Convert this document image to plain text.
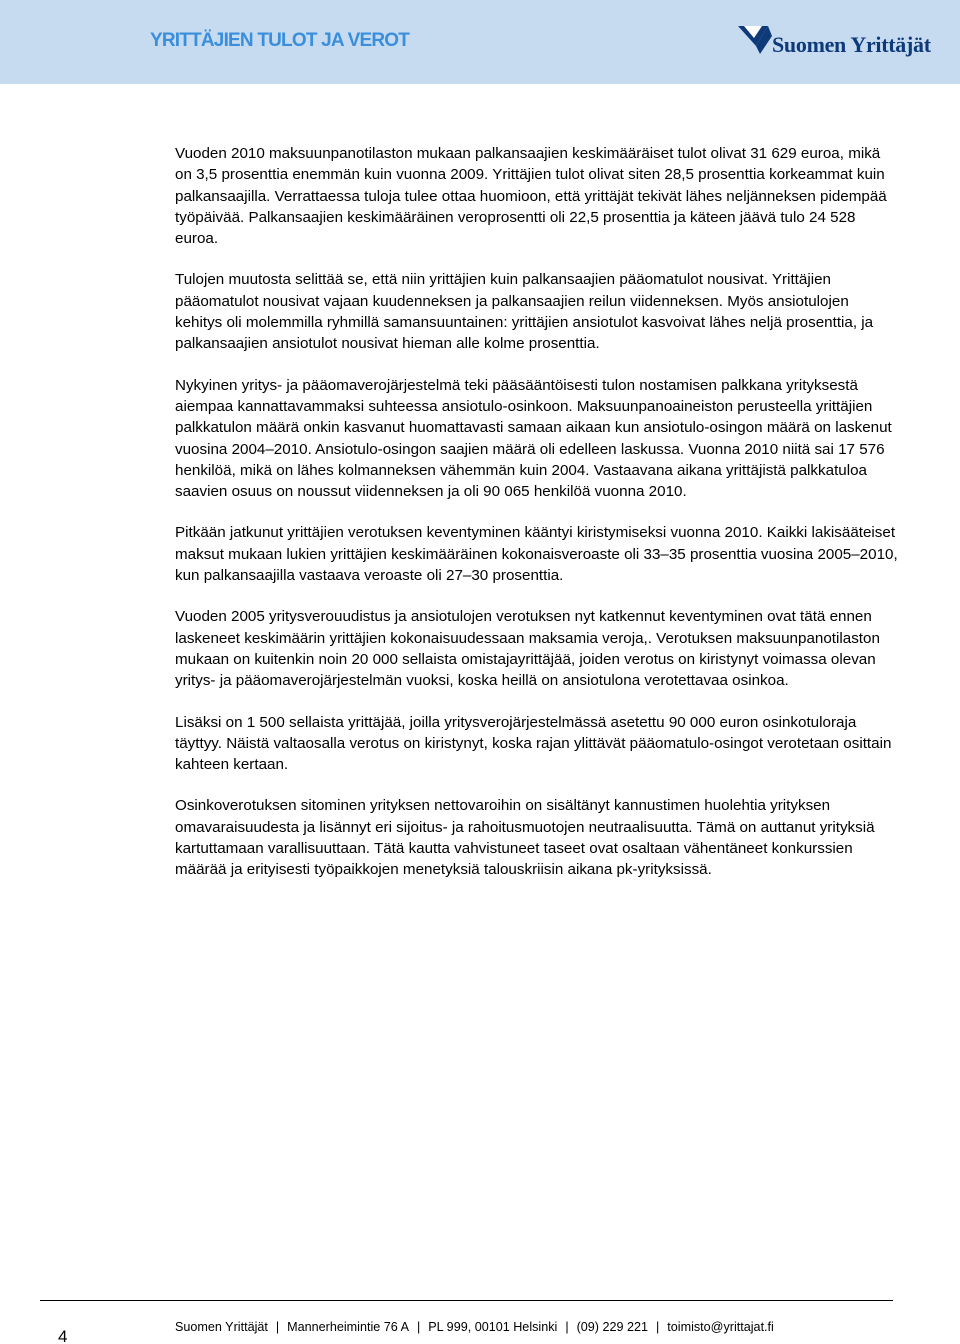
YRITTÄJIEN TULOT JA VEROT	Suomen Yrittäjät

Vuoden 2010 maksuunpanotilaston mukaan palkansaajien keskimääräiset tulot olivat 31 629 euroa, mikä on 3,5 prosenttia enemmän kuin vuonna 2009. Yrittäjien tulot olivat siten 28,5 prosenttia korkeammat kuin palkansaajilla. Verrattaessa tuloja tulee ottaa huomioon, että yrittäjät tekivät lähes neljänneksen pidempää työpäivää. Palkansaajien keskimääräinen veroprosentti oli 22,5 prosenttia ja käteen jäävä tulo 24 528 euroa.

Tulojen muutosta selittää se, että niin yrittäjien kuin palkansaajien pääomatulot nousivat. Yrittäjien pääomatulot nousivat vajaan kuudenneksen ja palkansaajien reilun viidenneksen. Myös ansiotulojen kehitys oli molemmilla ryhmillä samansuuntainen: yrittäjien ansiotulot kasvoivat lähes neljä prosenttia, ja palkansaajien ansiotulot nousivat hieman alle kolme prosenttia.

Nykyinen yritys- ja pääomaverojärjestelmä teki pääsääntöisesti tulon nostamisen palkkana yrityksestä aiempaa kannattavammaksi suhteessa ansiotulo-osinkoon. Maksuunpanoaineiston perusteella yrittäjien palkkatulon määrä onkin kasvanut huomattavasti samaan aikaan kun ansiotulo-osingon määrä on laskenut vuosina 2004–2010. Ansiotulo-osingon saajien määrä oli edelleen laskussa. Vuonna 2010 niitä sai 17 576 henkilöä, mikä on lähes kolmanneksen vähemmän kuin 2004. Vastaavana aikana yrittäjistä palkkatuloa saavien osuus on noussut viidenneksen ja oli 90 065 henkilöä vuonna 2010.

Pitkään jatkunut yrittäjien verotuksen keventyminen kääntyi kiristymiseksi vuonna 2010. Kaikki lakisääteiset maksut mukaan lukien yrittäjien keskimääräinen kokonaisveroaste oli 33–35 prosenttia vuosina 2005–2010, kun palkansaajilla vastaava veroaste oli 27–30 prosenttia.

Vuoden 2005 yritysverouudistus ja ansiotulojen verotuksen nyt katkennut keventyminen ovat tätä ennen laskeneet keskimäärin yrittäjien kokonaisuudessaan maksamia veroja,. Verotuksen maksuunpanotilaston mukaan on kuitenkin noin 20 000 sellaista omistajayrittäjää, joiden verotus on kiristynyt voimassa olevan yritys- ja pääomaverojärjestelmän vuoksi, koska heillä on ansiotulona verotettavaa osinkoa.

Lisäksi on 1 500 sellaista yrittäjää, joilla yritysverojärjestelmässä asetettu 90 000 euron osinkotuloraja täyttyy. Näistä valtaosalla verotus on kiristynyt, koska rajan ylittävät pääomatulo-osingot verotetaan osittain kahteen kertaan.

Osinkoverotuksen sitominen yrityksen nettovaroihin on sisältänyt kannustimen huolehtia yrityksen omavaraisuudesta ja lisännyt eri sijoitus- ja rahoitusmuotojen neutraalisuutta. Tämä on auttanut yrityksiä kartuttamaan varallisuuttaan. Tätä kautta vahvistuneet taseet ovat osaltaan vähentäneet konkurssien määrää ja erityisesti työpaikkojen menetyksiä talouskriisin aikana pk-yrityksissä.

4	Suomen Yrittäjät | Mannerheimintie 76 A | PL 999, 00101 Helsinki | (09) 229 221 | toimisto@yrittajat.fi
